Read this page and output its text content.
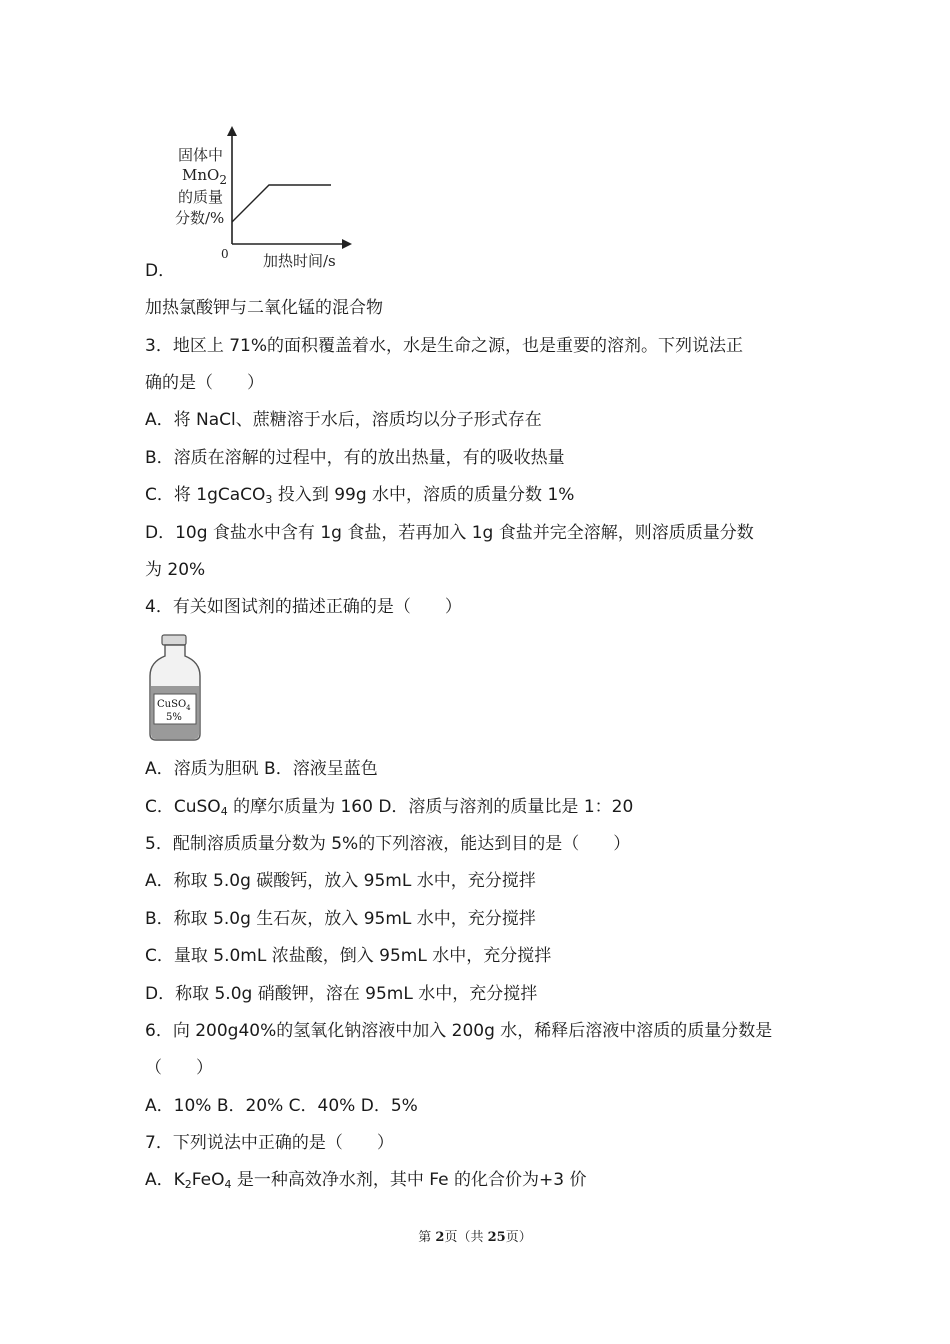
D．
固体中
MnO$_2$
的质量
分数/%
0 加热时间/s
加热氯酸钾与二氧化锰的混合物
3．地区上 71%的面积覆盖着水，水是生命之源，也是重要的溶剂。下列说法正
确的是（　　）
A．将 NaCl、蔗糖溶于水后，溶质均以分子形式存在
B．溶质在溶解的过程中，有的放出热量，有的吸收热量
C．将 1gCaCO$_3$ 投入到 99g 水中，溶质的质量分数 1%
D．10g 食盐水中含有 1g 食盐，若再加入 1g 食盐并完全溶解，则溶质质量分数
为 20%
4．有关如图试剂的描述正确的是（　　）
CuSO$_4$
5%
A．溶质为胆矾 B．溶液呈蓝色
C．CuSO$_4$ 的摩尔质量为 160 D．溶质与溶剂的质量比是 1：20
5．配制溶质质量分数为 5%的下列溶液，能达到目的是（　　）
A．称取 5.0g 碳酸钙，放入 95mL 水中，充分搅拌
B．称取 5.0g 生石灰，放入 95mL 水中，充分搅拌
C．量取 5.0mL 浓盐酸，倒入 95mL 水中，充分搅拌
D．称取 5.0g 硝酸钾，溶在 95mL 水中，充分搅拌
6．向 200g40%的氢氧化钠溶液中加入 200g 水，稀释后溶液中溶质的质量分数是
（　　）
A．10% B．20% C．40% D．5%
7．下列说法中正确的是（　　）
A．$K_2FeO_4$ 是一种高效净水剂，其中 Fe 的化合价为+3 价
第 2页（共 25页）
